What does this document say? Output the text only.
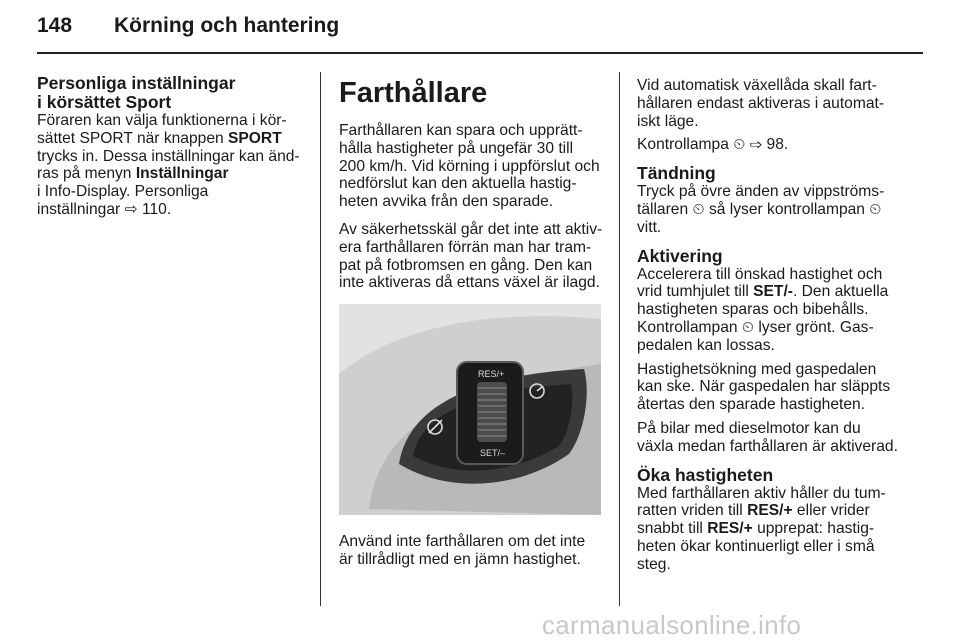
148 Körning och hantering
Personliga inställningar
i körsättet Sport

Föraren kan välja funktionerna i kör-
sättet SPORT när knappen SPORT
trycks in. Dessa inställningar kan änd-
ras på menyn Inställningar
i Info-Display. Personliga
inställningar ⇨ 110.

Farthållare

Farthållaren kan spara och upprätt-
hålla hastigheter på ungefär 30 till
200 km/h. Vid körning i uppförslut och
nedförslut kan den aktuella hastig-
heten avvika från den sparade.

Av säkerhetsskäl går det inte att aktiv-
era farthållaren förrän man har tram-
pat på fotbromsen en gång. Den kan
inte aktiveras då ettans växel är ilagd.

RES/+
SET/–

Använd inte farthållaren om det inte
är tillrådligt med en jämn hastighet.

Vid automatisk växellåda skall fart-
hållaren endast aktiveras i automat-
iskt läge.

Kontrollampa ⏲ ⇨ 98.

Tändning

Tryck på övre änden av vippströms-
tällaren ⏲ så lyser kontrollampan ⏲
vitt.

Aktivering

Accelerera till önskad hastighet och
vrid tumhjulet till SET/-. Den aktuella
hastigheten sparas och bibehålls.
Kontrollampan ⏲ lyser grönt. Gas-
pedalen kan lossas.

Hastighetsökning med gaspedalen
kan ske. När gaspedalen har släppts
återtas den sparade hastigheten.

På bilar med dieselmotor kan du
växla medan farthållaren är aktiverad.

Öka hastigheten

Med farthållaren aktiv håller du tum-
ratten vriden till RES/+ eller vrider
snabbt till RES/+ upprepat: hastig-
heten ökar kontinuerligt eller i små
steg.

carmanualsonline.info
